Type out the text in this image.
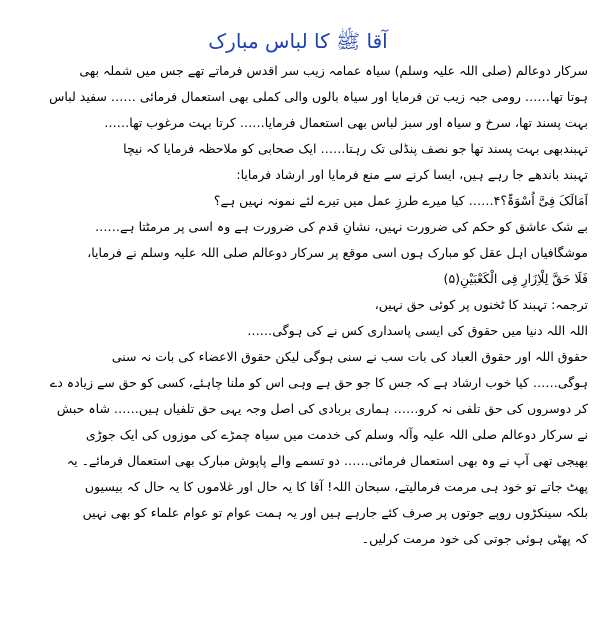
آقا ﷺ کا لباس مبارک
سرکار دوعالم (صلی اللہ علیہ وسلم) سیاہ عمامہ زیب سر اقدس فرماتے تھے جس میں شملہ بھی
ہوتا تھا…… رومی جبہ زیب تن فرمایا اور سیاہ بالوں والی کملی بھی استعمال فرمائی …… سفید لباس
بہت پسند تھا، سرخ و سیاہ اور سبز لباس بھی استعمال فرمایا…… کرتا بہت مرغوب تھا……
تہبندبھی بہت پسند تھا جو نصف پنڈلی تک رہتا…… ایک صحابی کو ملاحظہ فرمایا کہ نیچا
تہبند باندھے جا رہے ہیں، ایسا کرنے سے منع فرمایا اور ارشاد فرمایا:
اَمَالَکَ فِیَّ اُسْوَۃٌ؟۴…… کیا میرے طرزِ عمل میں تیرے لئے نمونہ نہیں ہے؟
بے شک عاشق کو حکم کی ضرورت نہیں، نشانِ قدم کی ضرورت ہے وہ اسی پر مرمٹتا ہے……
موشگافیاں اہل عقل کو مبارک ہوں اسی موقع پر سرکار دوعالم صلی اللہ علیہ وسلم نے فرمایا،
فَلَا حَقَّ لِلْاِزَارِ فِی الْکَعْبَیْنِ(۵)
ترجمہ: تہبند کا ٹخنوں پر کوئی حق نہیں،
اللہ اللہ دنیا میں حقوق کی ایسی پاسداری کس نے کی ہوگی……
حقوق اللہ اور حقوق العباد کی بات سب نے سنی ہوگی لیکن حقوق الاعضاء کی بات نہ سنی
ہوگی…… کیا خوب ارشاد ہے کہ جس کا جو حق ہے وہی اس کو ملنا چاہئے، کسی کو حق سے زیادہ دے
کر دوسروں کی حق تلفی نہ کرو…… ہماری بربادی کی اصل وجہ یہی حق تلفیاں ہیں…… شاہ حبش
نے سرکار دوعالم صلی اللہ علیہ وآلہ وسلم کی خدمت میں سیاہ چمڑے کی موزوں کی ایک جوڑی
بھیجی تھی آپ نے وہ بھی استعمال فرمائی…… دو تسمے والے پاپوش مبارک بھی استعمال فرمائے۔ یہ
پھٹ جاتے تو خود ہی مرمت فرمالیتے، سبحان اللہ! آقا کا یہ حال اور غلاموں کا یہ حال کہ بیسیوں
بلکہ سینکڑوں روپے جوتوں پر صرف کئے جارہے ہیں اور یہ ہمت عوام تو عوام علماء کو بھی نہیں
کہ پھٹی ہوئی جوتی کی خود مرمت کرلیں۔
